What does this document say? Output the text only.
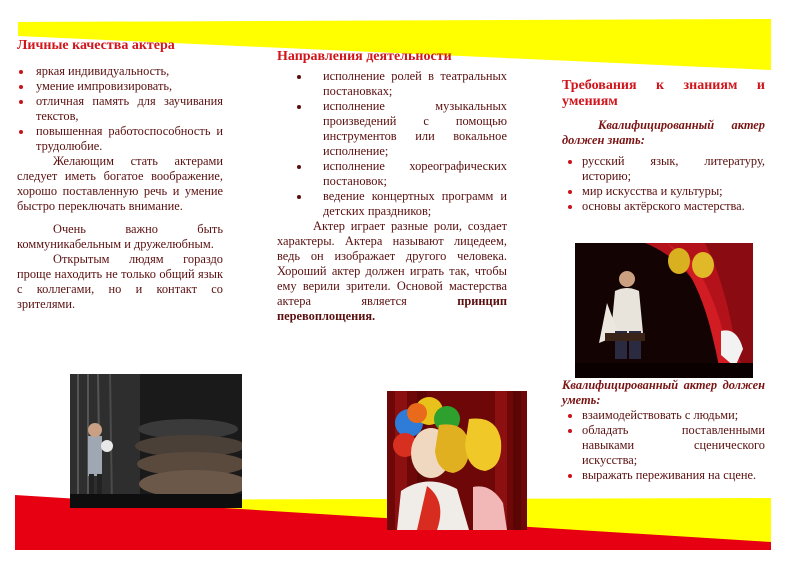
Личные качества актера
яркая индивидуальность,
умение импровизировать,
отличная память для заучивания текстов,
повышенная работоспособность и трудолюбие.

Желающим стать актерами следует иметь богатое воображение, хорошо поставленную речь и умение быстро переключать внимание.

Очень важно быть коммуникабельным и дружелюбным.

Открытым людям гораздо проще находить не только общий язык с коллегами, но и контакт со зрителями.

Направления деятельности
исполнение ролей в театральных постановках;
исполнение музыкальных произведений с помощью инструментов или вокальное исполнение;
исполнение хореографических постановок;
ведение концертных программ и детских праздников;

Актер играет разные роли, создает характеры. Актера называют лицедеем, ведь он изображает другого человека. Хороший актер должен играть так, чтобы ему верили зрители. Основой мастерства актера является	принцип перевоплощения.

Требования к знаниям и умениям

Квалифицированный актер должен знать:

русский язык, литературу, историю;
мир искусства и культуры;
основы актёрского мастерства.

Квалифицированный актер должен уметь:

взаимодействовать с людьми;
обладать поставленными навыками сценического искусства;
выражать переживания на сцене.
